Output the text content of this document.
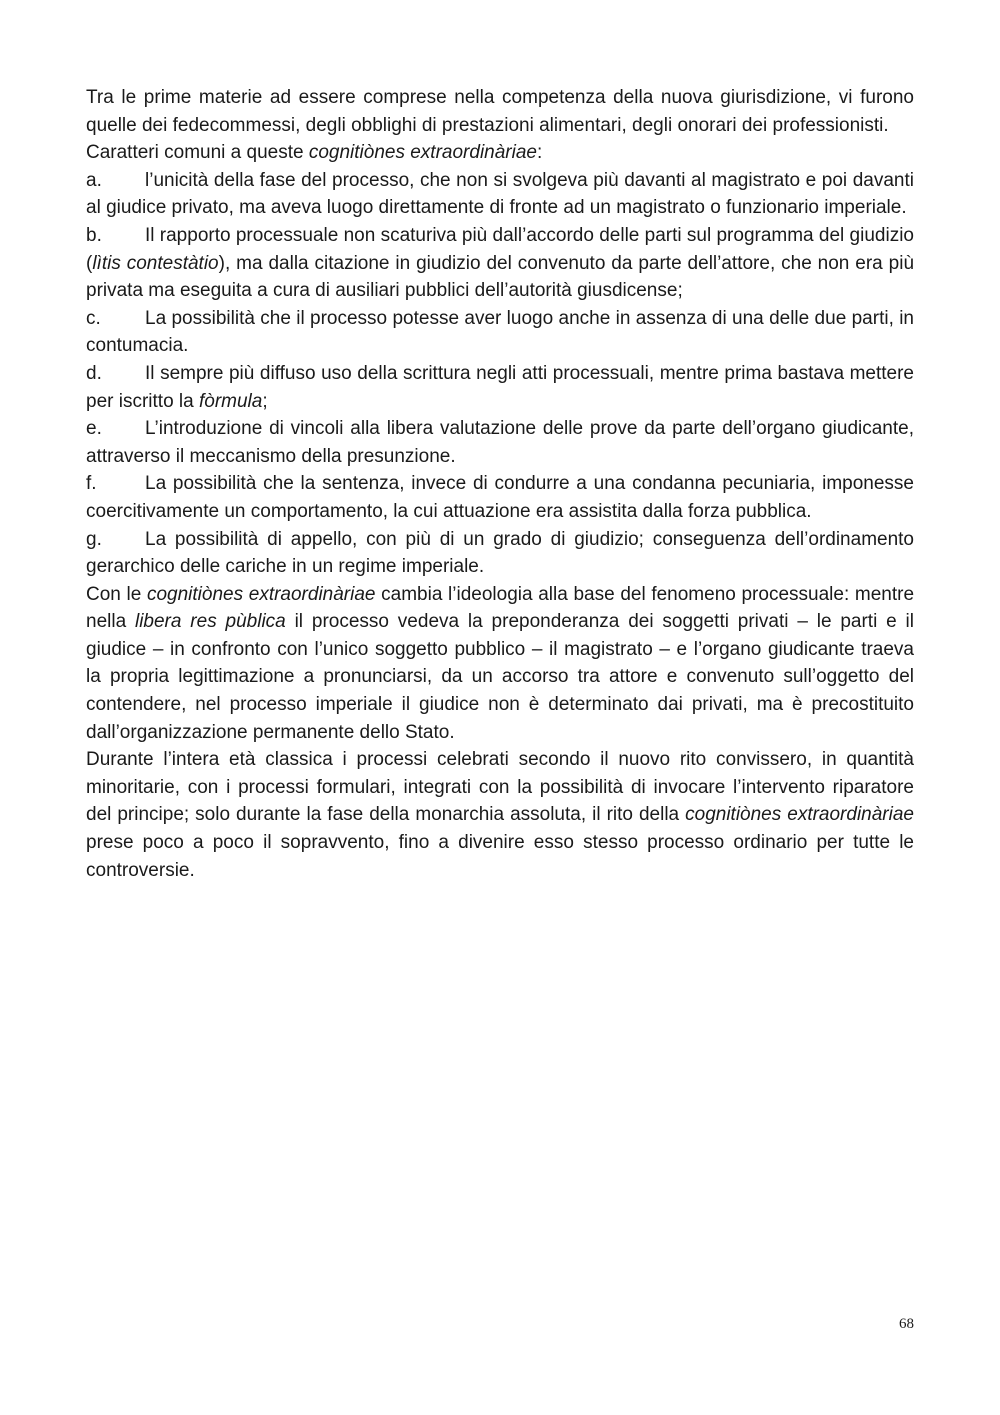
Tra le prime materie ad essere comprese nella competenza della nuova giurisdizione, vi furono quelle dei fedecommessi, degli obblighi di prestazioni alimentari, degli onorari dei professionisti.

Caratteri comuni a queste cognitiònes extraordinàriae:

a. l’unicità della fase del processo, che non si svolgeva più davanti al magistrato e poi davanti al giudice privato, ma aveva luogo direttamente di fronte ad un magistrato o funzionario imperiale.

b. Il rapporto processuale non scaturiva più dall’accordo delle parti sul programma del giudizio (lìtis contestàtio), ma dalla citazione in giudizio del convenuto da parte dell’attore, che non era più privata ma eseguita a cura di ausiliari pubblici dell’autorità giusdicense;

c. La possibilità che il processo potesse aver luogo anche in assenza di una delle due parti, in contumacia.

d. Il sempre più diffuso uso della scrittura negli atti processuali, mentre prima bastava mettere per iscritto la fòrmula;

e. L’introduzione di vincoli alla libera valutazione delle prove da parte dell’organo giudicante, attraverso il meccanismo della presunzione.

f.	La possibilità che la sentenza, invece di condurre a una condanna pecuniaria, imponesse coercitivamente un comportamento, la cui attuazione era assistita dalla forza pubblica.

g. La possibilità di appello, con più di un grado di giudizio; conseguenza dell’ordinamento gerarchico delle cariche in un regime imperiale.

Con le cognitiònes extraordinàriae cambia l’ideologia alla base del fenomeno processuale: mentre nella libera res pùblica il processo vedeva la preponderanza dei soggetti privati – le parti e il giudice – in confronto con l’unico soggetto pubblico – il magistrato – e l’organo giudicante traeva la propria legittimazione a pronunciarsi, da un accorso tra attore e convenuto sull’oggetto del contendere, nel processo imperiale il giudice non è determinato dai privati, ma è precostituito dall’organizzazione permanente dello Stato.

Durante l’intera età classica i processi celebrati secondo il nuovo rito convissero, in quantità minoritarie, con i processi formulari, integrati con la possibilità di invocare l’intervento riparatore del principe; solo durante la fase della monarchia assoluta, il rito della cognitiònes extraordinàriae prese poco a poco il sopravvento, fino a divenire esso stesso processo ordinario per tutte le controversie.

68
